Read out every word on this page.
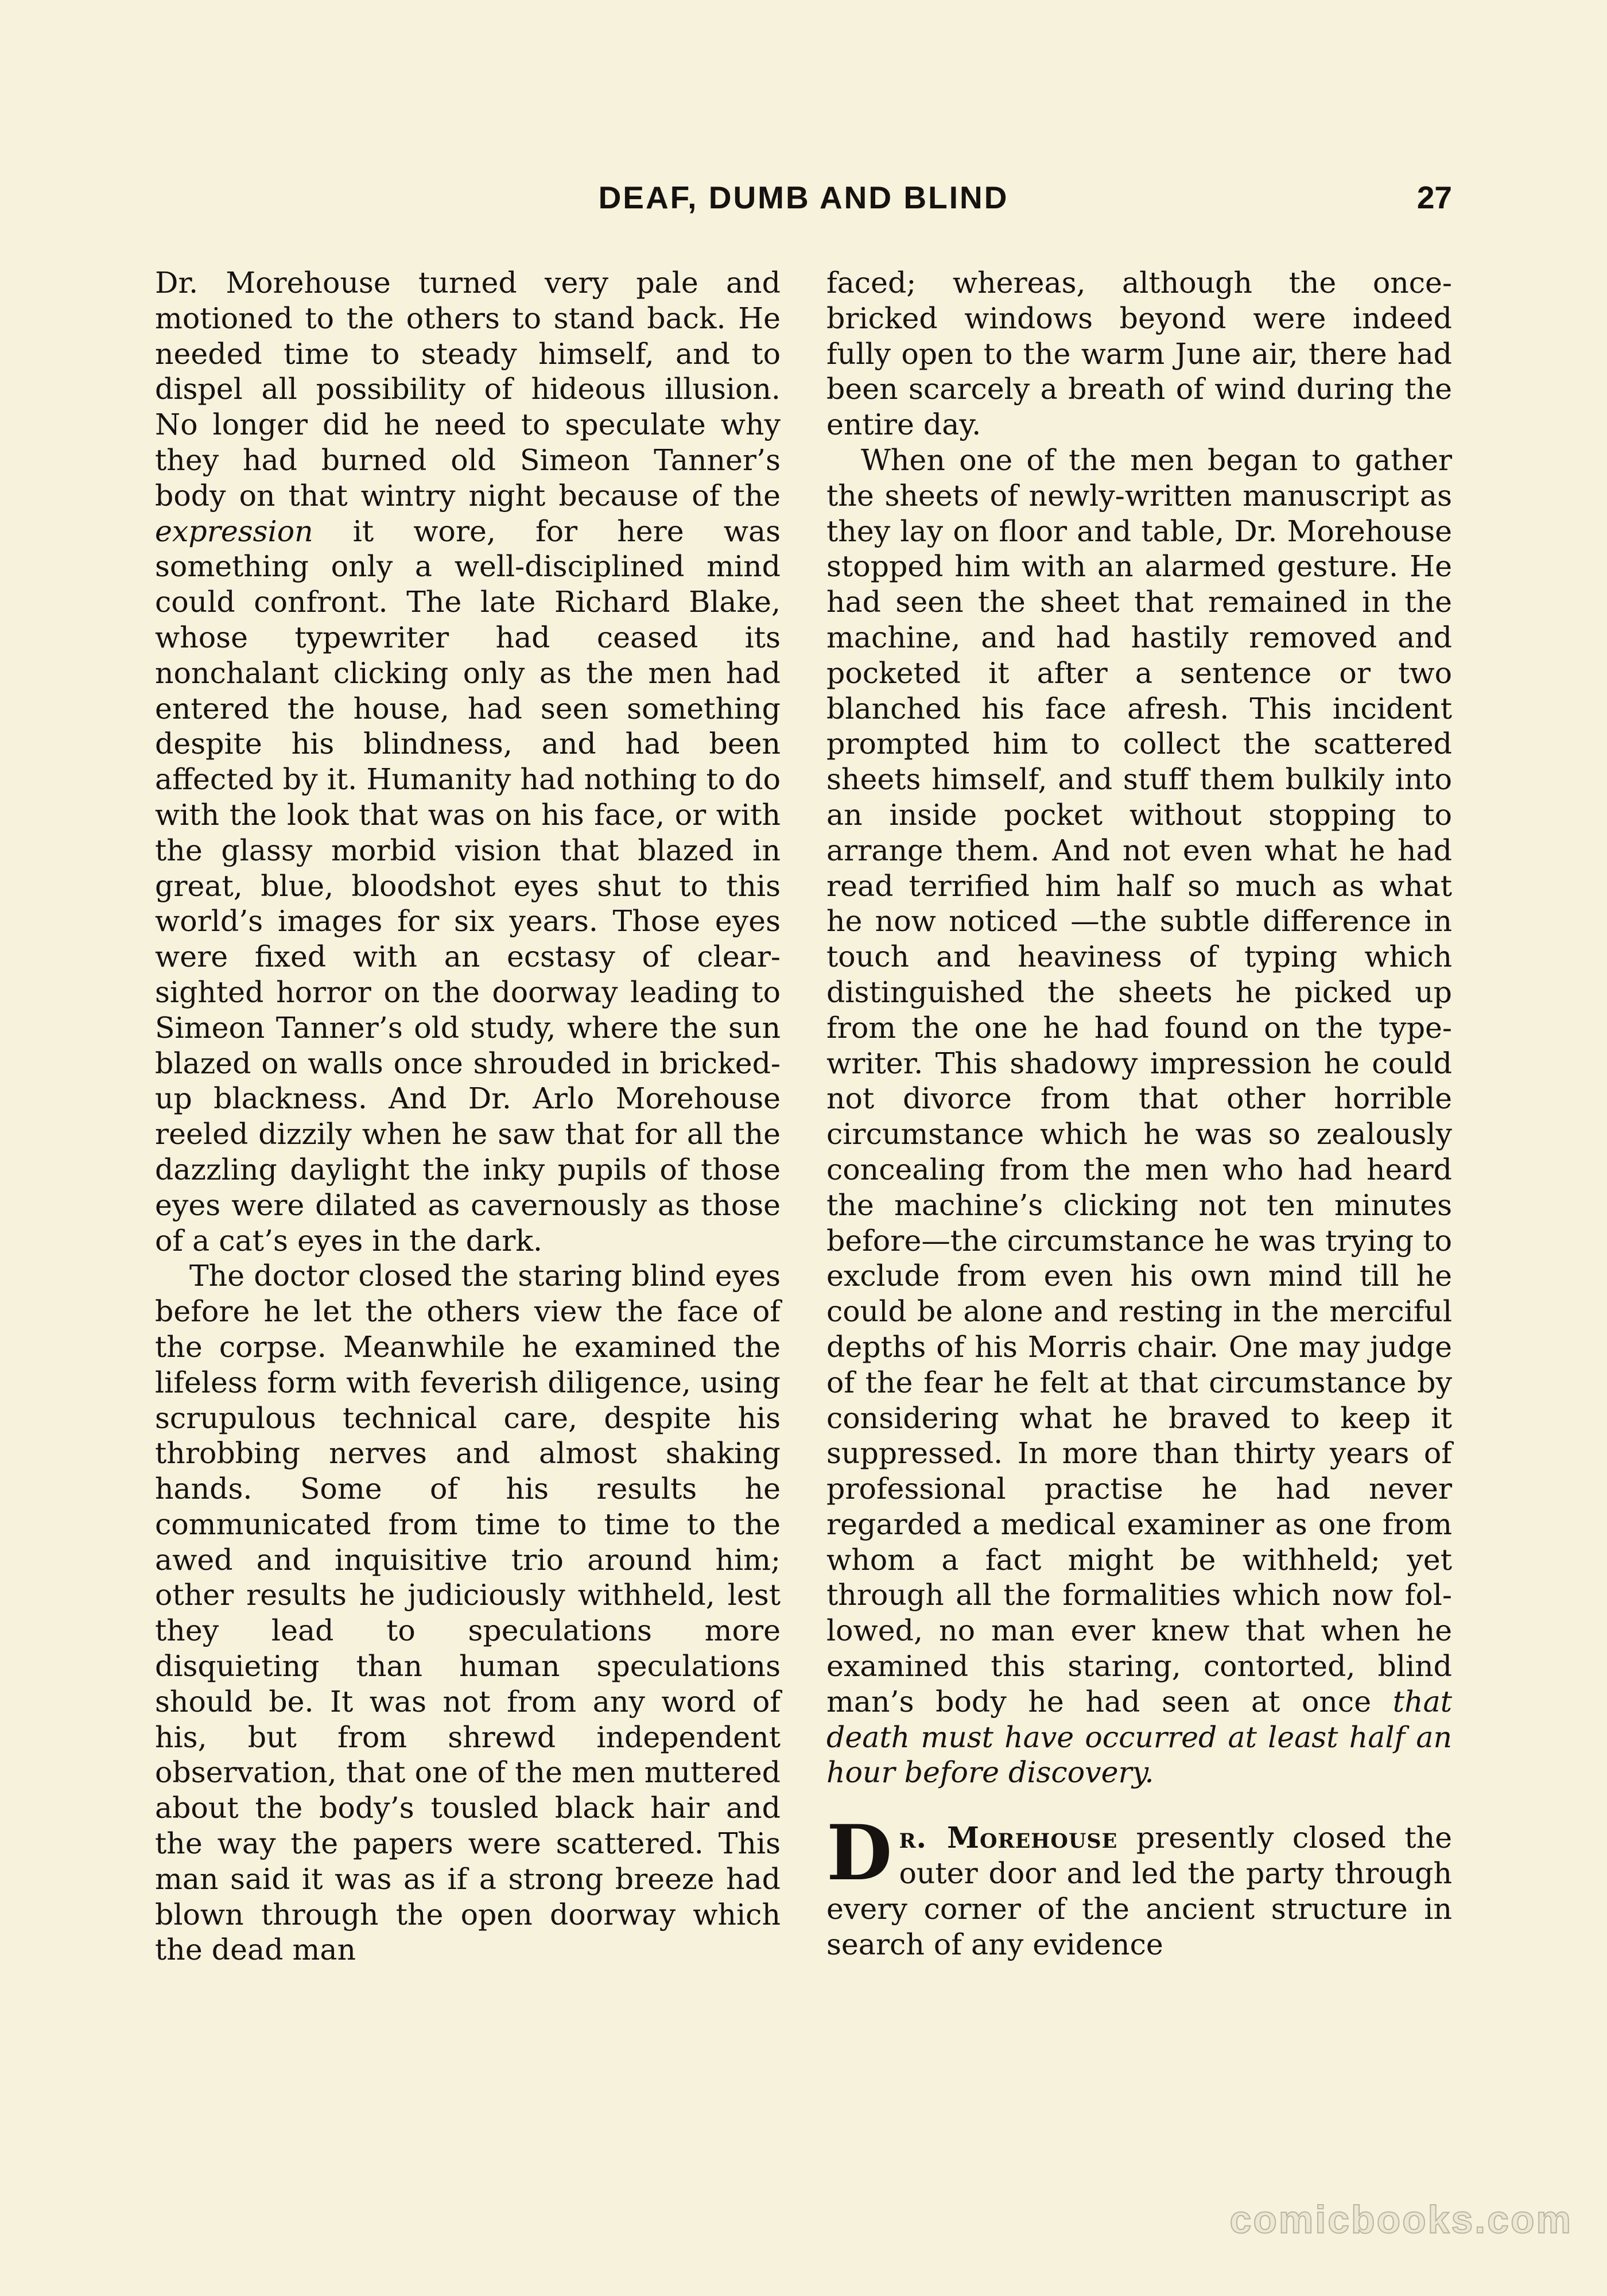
DEAF, DUMB AND BLIND	27

Dr. Morehouse turned very pale and motioned to the others to stand back. He needed time to steady himself, and to dispel all possibility of hideous illusion. No longer did he need to speculate why they had burned old Simeon Tanner’s body on that wintry night because of the expression it wore, for here was something only a well-disciplined mind could confront. The late Richard Blake, whose typewriter had ceased its nonchalant clicking only as the men had entered the house, had seen something despite his blindness, and had been affected by it. Humanity had nothing to do with the look that was on his face, or with the glassy morbid vision that blazed in great, blue, bloodshot eyes shut to this world’s images for six years. Those eyes were fixed with an ecstasy of clear-sighted horror on the doorway leading to Simeon Tanner’s old study, where the sun blazed on walls once shrouded in bricked-up blackness. And Dr. Arlo Morehouse reeled dizzily when he saw that for all the dazzling daylight the inky pupils of those eyes were dilated as cavernously as those of a cat’s eyes in the dark.

The doctor closed the staring blind eyes before he let the others view the face of the corpse. Meanwhile he examined the lifeless form with feverish diligence, using scrupulous technical care, despite his throbbing nerves and almost shaking hands. Some of his results he communicated from time to time to the awed and inquisitive trio around him; other results he judiciously withheld, lest they lead to speculations more disquieting than human speculations should be. It was not from any word of his, but from shrewd independent observation, that one of the men muttered about the body’s tousled black hair and the way the papers were scattered. This man said it was as if a strong breeze had blown through the open doorway which the dead man

faced; whereas, although the once-bricked windows beyond were indeed fully open to the warm June air, there had been scarcely a breath of wind during the entire day.

When one of the men began to gather the sheets of newly-written manuscript as they lay on floor and table, Dr. Morehouse stopped him with an alarmed gesture. He had seen the sheet that remained in the machine, and had hastily removed and pocketed it after a sentence or two blanched his face afresh. This incident prompted him to collect the scattered sheets himself, and stuff them bulkily into an inside pocket without stopping to arrange them. And not even what he had read terrified him half so much as what he now noticed —the subtle difference in touch and heaviness of typing which distinguished the sheets he picked up from the one he had found on the typewriter. This shadowy impression he could not divorce from that other horrible circumstance which he was so zealously concealing from the men who had heard the machine’s clicking not ten minutes before—the circumstance he was trying to exclude from even his own mind till he could be alone and resting in the merciful depths of his Morris chair. One may judge of the fear he felt at that circumstance by considering what he braved to keep it suppressed. In more than thirty years of professional practise he had never regarded a medical examiner as one from whom a fact might be withheld; yet through all the formalities which now followed, no man ever knew that when he examined this staring, contorted, blind man’s body he had seen at once that death must have occurred at least half an hour before discovery.

Dr. Morehouse presently closed the outer door and led the party through every corner of the ancient structure in search of any evidence

comicbooks.com
